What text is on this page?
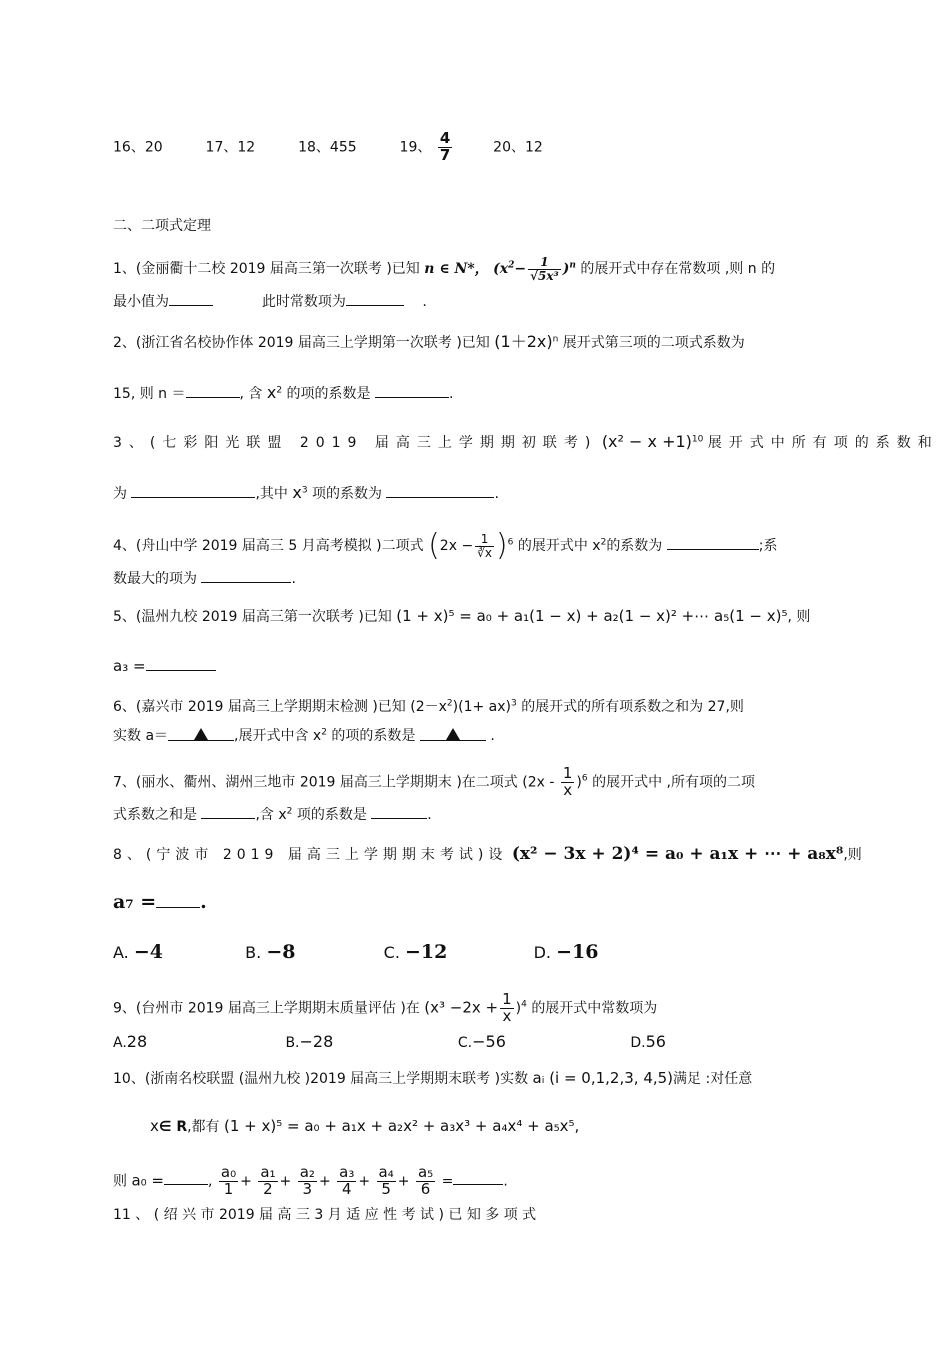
16、20	17、12	18、455	19、 $\frac{4}{7}$	20、12
二、二项式定理
1、(金丽衢十二校 2019 届高三第一次联考 )已知 n ∈ N*， $(x^2- \frac{1}{\text{√5x³}} )^n$ 的展开式中存在常数项 ,则 n 的
最小值为	此时常数项为	.
2、(浙江省名校协作体 2019 届高三上学期第一次联考 )已知 $(1+2x)^n$ 展开式第三项的二项式系数为
15, 则 n ＝	, 含 $x^2$ 的项的系数是	.
3、(七彩阳光联盟 2019 届高三上学期期初联考) $(x^2 - x +1)^{10}$ 展开式中所有项的系数和
为	,其中 $x^3$ 项的系数为	.
4、(舟山中学 2019 届高三 5 月高考模拟 )二项式 $(2x - \frac{1}{∛x} )^6$ 的展开式中 $x^2$的系数为	;系
数最大的项为	.
5、(温州九校 2019 届高三第一次联考 )已知 (1 + x)⁵ = a₀ + a₁(1 − x) + a₂(1 − x)² +⋯ a₅(1 − x)⁵, 则
a₃ =
6、(嘉兴市 2019 届高三上学期期末检测 )已知 $(2-x^2)(1+ ax)^3$ 的展开式的所有项系数之和为 27,则
实数 a＝	,展开式中含 $x^2$ 的项的系数是	.
7、(丽水、衢州、湖州三地市 2019 届高三上学期期末 )在二项式 $(2x - \frac{1}{x} )^6$ 的展开式中 ,所有项的二项
式系数之和是	,含 $x^2$ 项的系数是	.
8、(宁波市 2019 届高三上学期期末考试)设 (x² − 3x + 2)⁴ = a₀ + a₁x + ⋯ + a₈x⁸,则
a₇ = .
A. −4	B. −8	C. −12	D. −16
9、(台州市 2019 届高三上学期期末质量评估 )在 $(x^3 -2x + \frac{1}{x} )^4$ 的展开式中常数项为
A.28	B.−28	C.−56	D.56
10、(浙南名校联盟 (温州九校 )2019 届高三上学期期末联考 )实数 aᵢ (i = 0,1,2,3, 4,5)满足 :对任意
x∈ R,都有 (1 + x)⁵ = a₀ + a₁x + a₂x² + a₃x³ + a₄x⁴ + a₅x⁵,
则 a₀ =	, $\frac{\text{a₀}}{1} + \frac{\text{a₁}}{2} + \frac{\text{a₂}}{3} + \frac{\text{a₃}}{4} + \frac{\text{a₄}}{5} + \frac{\text{a₅}}{6}$ =	.
11 、 ( 绍 兴 市 2019 届 高 三 3 月 适 应 性 考 试 ) 已 知 多 项 式
